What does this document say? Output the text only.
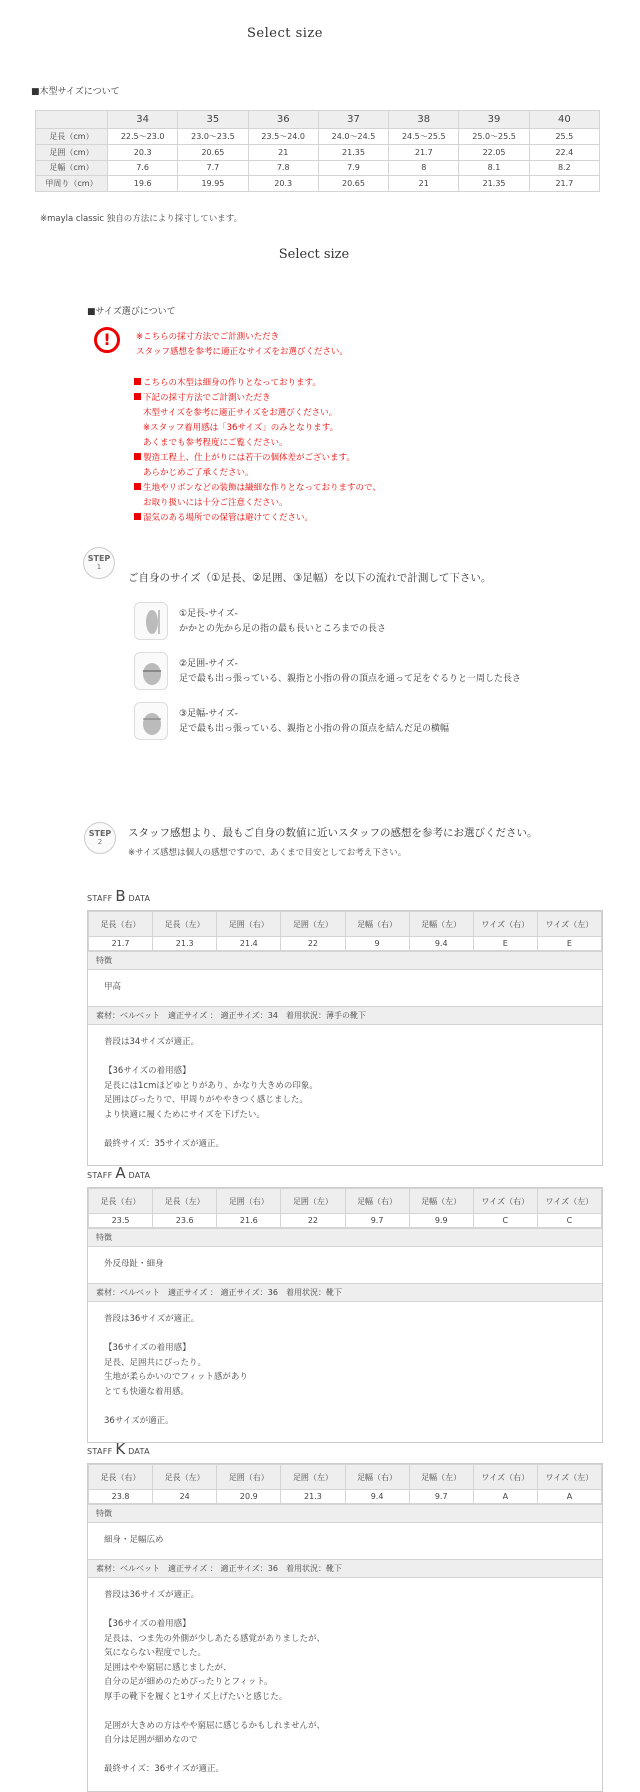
Select size
■木型サイズについて
	34	35	36	37	38	39	40
足長（cm）	22.5～23.0	23.0～23.5	23.5～24.0	24.0～24.5	24.5～25.5	25.0～25.5	25.5
足囲（cm）	20.3	20.65	21	21.35	21.7	22.05	22.4
足幅（cm）	7.6	7.7	7.8	7.9	8	8.1	8.2
甲周り（cm）	19.6	19.95	20.3	20.65	21	21.35	21.7
※mayla classic 独自の方法により採寸しています。
Select size
■サイズ選びについて
!	※こちらの採寸方法でご計測いただき
スタッフ感想を参考に適正なサイズをお選びください。
こちらの木型は細身の作りとなっております。
下記の採寸方法でご計測いただき
木型サイズを参考に適正サイズをお選びください。
※スタッフ着用感は「36サイズ」のみとなります。
あくまでも参考程度にご覧ください。
製造工程上、仕上がりには若干の個体差がございます。
あらかじめご了承ください。
生地やリボンなどの装飾は繊細な作りとなっておりますので、
お取り扱いには十分ご注意ください。
湿気のある場所での保管は避けてください。
STEP
1
ご自身のサイズ（①足長、②足囲、③足幅）を以下の流れで計測して下さい。
①足長-サイズ-
かかとの先から足の指の最も長いところまでの長さ
②足囲-サイズ-
足で最も出っ張っている、親指と小指の骨の頂点を通って足をぐるりと一周した長さ
③足幅-サイズ-
足で最も出っ張っている、親指と小指の骨の頂点を結んだ足の横幅
STEP
2
スタッフ感想より、最もご自身の数値に近いスタッフの感想を参考にお選びください。
※サイズ感想は個人の感想ですので、あくまで目安としてお考え下さい。
STAFF B DATA
STAFF A DATA
STAFF K DATA
足長（右）	足長（左）	足囲（右）	足囲（左）	足幅（右）	足幅（左）	ワイズ（右）	ワイズ（左）
21.7	21.3	21.4	22	9	9.4	E	E
特徴
甲高
素材：ベルベット　適正サイズ ： 適正サイズ：34　着用状況：薄手の靴下
普段は34サイズが適正。

【36サイズの着用感】
足長には1cmほどゆとりがあり、かなり大きめの印象。
足囲はぴったりで、甲周りがややきつく感じました。
より快適に履くためにサイズを下げたい。

最終サイズ：35サイズが適正。
足長（右）	足長（左）	足囲（右）	足囲（左）	足幅（右）	足幅（左）	ワイズ（右）	ワイズ（左）
23.5	23.6	21.6	22	9.7	9.9	C	C
特徴
外反母趾・細身
素材：ベルベット　適正サイズ ： 適正サイズ：36　着用状況：靴下
普段は36サイズが適正。

【36サイズの着用感】
足長、足囲共にぴったり。
生地が柔らかいのでフィット感があり
とても快適な着用感。

36サイズが適正。
足長（右）	足長（左）	足囲（右）	足囲（左）	足幅（右）	足幅（左）	ワイズ（右）	ワイズ（左）
23.8	24	20.9	21.3	9.4	9.7	A	A
特徴
細身・足幅広め
素材：ベルベット　適正サイズ ： 適正サイズ：36　着用状況：靴下
普段は36サイズが適正。

【36サイズの着用感】
足長は、つま先の外側が少しあたる感覚がありましたが、
気にならない程度でした。
足囲はやや窮屈に感じましたが、
自分の足が細めのためぴったりとフィット。
厚手の靴下を履くと1サイズ上げたいと感じた。

足囲が大きめの方はやや窮屈に感じるかもしれませんが、
自分は足囲が細めなので

最終サイズ：36サイズが適正。
